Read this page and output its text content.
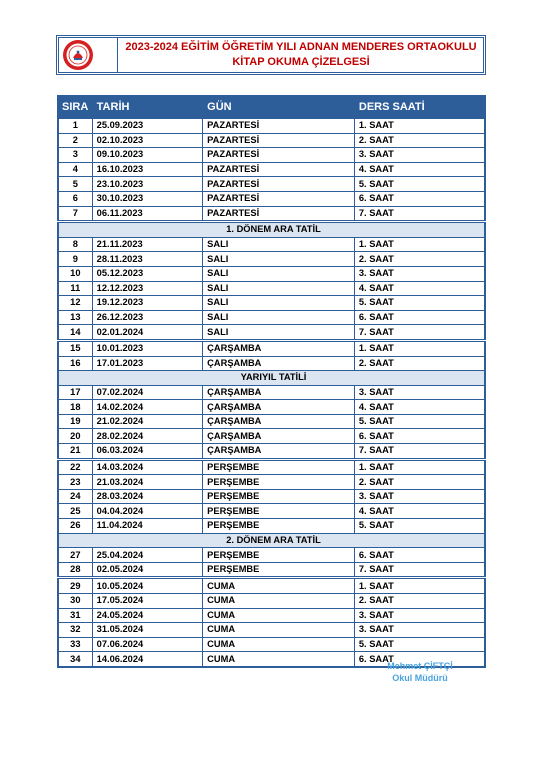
2023-2024 EĞİTİM ÖĞRETİM YILI ADNAN MENDERES ORTAOKULU
KİTAP OKUMA ÇİZELGESİ
SIRA	TARİH	GÜN	DERS SAATİ
1	25.09.2023	PAZARTESİ	1. SAAT
2	02.10.2023	PAZARTESİ	2. SAAT
3	09.10.2023	PAZARTESİ	3. SAAT
4	16.10.2023	PAZARTESİ	4. SAAT
5	23.10.2023	PAZARTESİ	5. SAAT
6	30.10.2023	PAZARTESİ	6. SAAT
7	06.11.2023	PAZARTESİ	7. SAAT
1. DÖNEM ARA TATİL			
8	21.11.2023	SALI	1. SAAT
9	28.11.2023	SALI	2. SAAT
10	05.12.2023	SALI	3. SAAT
11	12.12.2023	SALI	4. SAAT
12	19.12.2023	SALI	5. SAAT
13	26.12.2023	SALI	6. SAAT
14	02.01.2024	SALI	7. SAAT
15	10.01.2023	ÇARŞAMBA	1. SAAT
16	17.01.2023	ÇARŞAMBA	2. SAAT
YARIYIL TATİLİ			
17	07.02.2024	ÇARŞAMBA	3. SAAT
18	14.02.2024	ÇARŞAMBA	4. SAAT
19	21.02.2024	ÇARŞAMBA	5. SAAT
20	28.02.2024	ÇARŞAMBA	6. SAAT
21	06.03.2024	ÇARŞAMBA	7. SAAT
22	14.03.2024	PERŞEMBE	1. SAAT
23	21.03.2024	PERŞEMBE	2. SAAT
24	28.03.2024	PERŞEMBE	3. SAAT
25	04.04.2024	PERŞEMBE	4. SAAT
26	11.04.2024	PERŞEMBE	5. SAAT
2. DÖNEM ARA TATİL			
27	25.04.2024	PERŞEMBE	6. SAAT
28	02.05.2024	PERŞEMBE	7. SAAT
29	10.05.2024	CUMA	1. SAAT
30	17.05.2024	CUMA	2. SAAT
31	24.05.2024	CUMA	3. SAAT
32	31.05.2024	CUMA	3. SAAT
33	07.06.2024	CUMA	5. SAAT
34	14.06.2024	CUMA	6. SAAT
Mehmet ÇİFTÇİ
Okul Müdürü
